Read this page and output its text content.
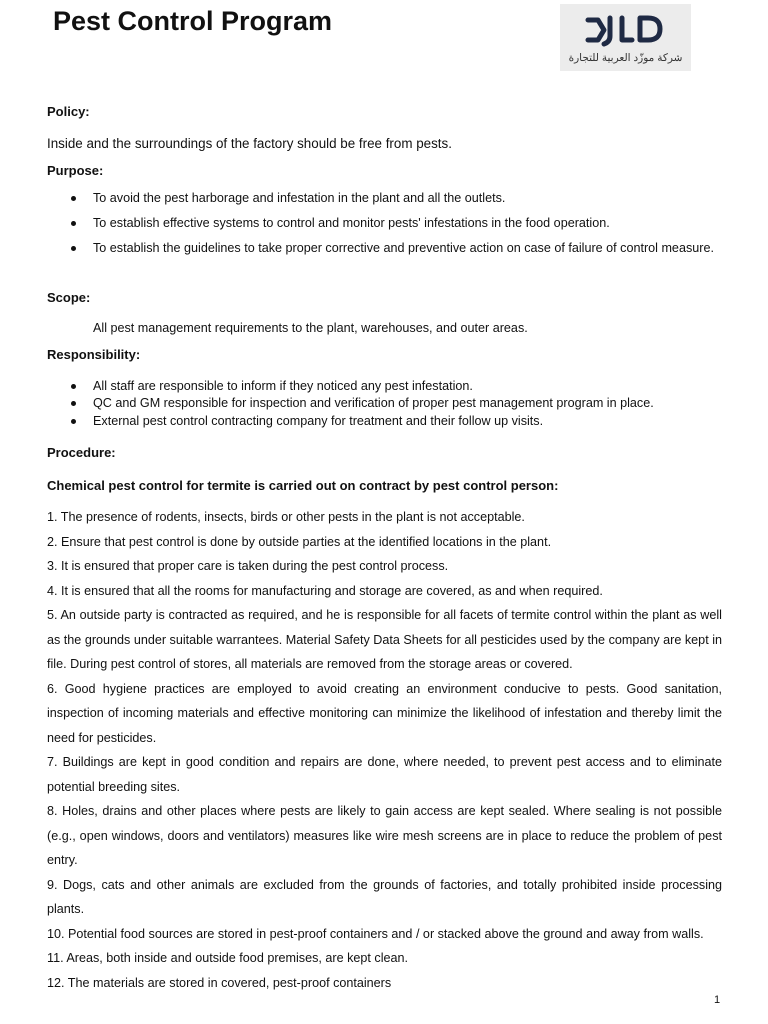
Pest Control Program
شركة موزّد العربية للتجارة
Policy:

Inside and the surroundings of the factory should be free from pests.

Purpose:
To avoid the pest harborage and infestation in the plant and all the outlets.
To establish effective systems to control and monitor pests' infestations in the food operation.
To establish the guidelines to take proper corrective and preventive action on case of failure of control measure.
Scope:

All pest management requirements to the plant, warehouses, and outer areas.

Responsibility:
All staff are responsible to inform if they noticed any pest infestation.
QC and GM responsible for inspection and verification of proper pest management program in place.
External pest control contracting company for treatment and their follow up visits.
Procedure:

Chemical pest control for termite is carried out on contract by pest control person:

1. The presence of rodents, insects, birds or other pests in the plant is not acceptable.
2. Ensure that pest control is done by outside parties at the identified locations in the plant.
3. It is ensured that proper care is taken during the pest control process.
4. It is ensured that all the rooms for manufacturing and storage are covered, as and when required.
5. An outside party is contracted as required, and he is responsible for all facets of termite control within the plant as well as the grounds under suitable warrantees. Material Safety Data Sheets for all pesticides used by the company are kept in file. During pest control of stores, all materials are removed from the storage areas or covered.
6. Good hygiene practices are employed to avoid creating an environment conducive to pests. Good sanitation, inspection of incoming materials and effective monitoring can minimize the likelihood of infestation and thereby limit the need for pesticides.
7. Buildings are kept in good condition and repairs are done, where needed, to prevent pest access and to eliminate potential breeding sites.
8. Holes, drains and other places where pests are likely to gain access are kept sealed. Where sealing is not possible (e.g., open windows, doors and ventilators) measures like wire mesh screens are in place to reduce the problem of pest entry.
9. Dogs, cats and other animals are excluded from the grounds of factories, and totally prohibited inside processing plants.
10. Potential food sources are stored in pest-proof containers and / or stacked above the ground and away from walls.
11. Areas, both inside and outside food premises, are kept clean.
12. The materials are stored in covered, pest-proof containers
1
